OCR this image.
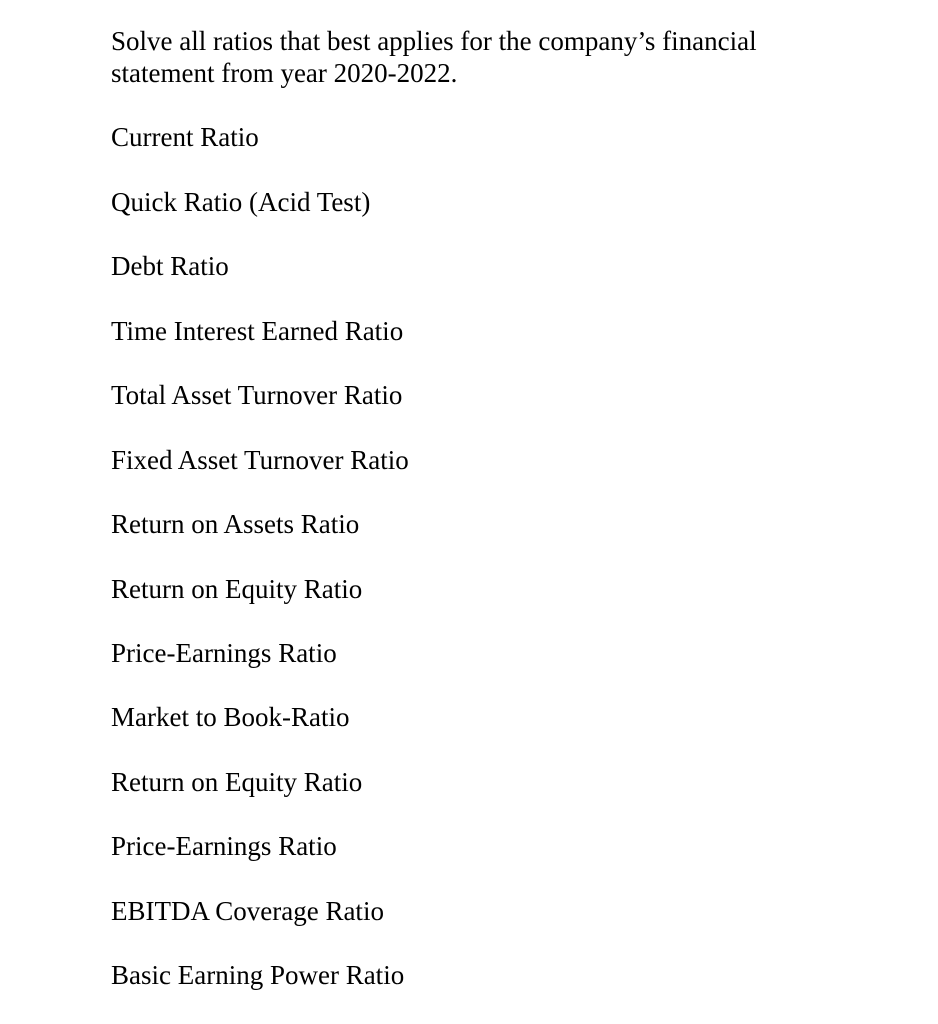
Solve all ratios that best applies for the company’s financial
statement from year 2020-2022.

Current Ratio

Quick Ratio (Acid Test)

Debt Ratio

Time Interest Earned Ratio

Total Asset Turnover Ratio

Fixed Asset Turnover Ratio

Return on Assets Ratio

Return on Equity Ratio

Price-Earnings Ratio

Market to Book-Ratio

Return on Equity Ratio

Price-Earnings Ratio

EBITDA Coverage Ratio

Basic Earning Power Ratio
